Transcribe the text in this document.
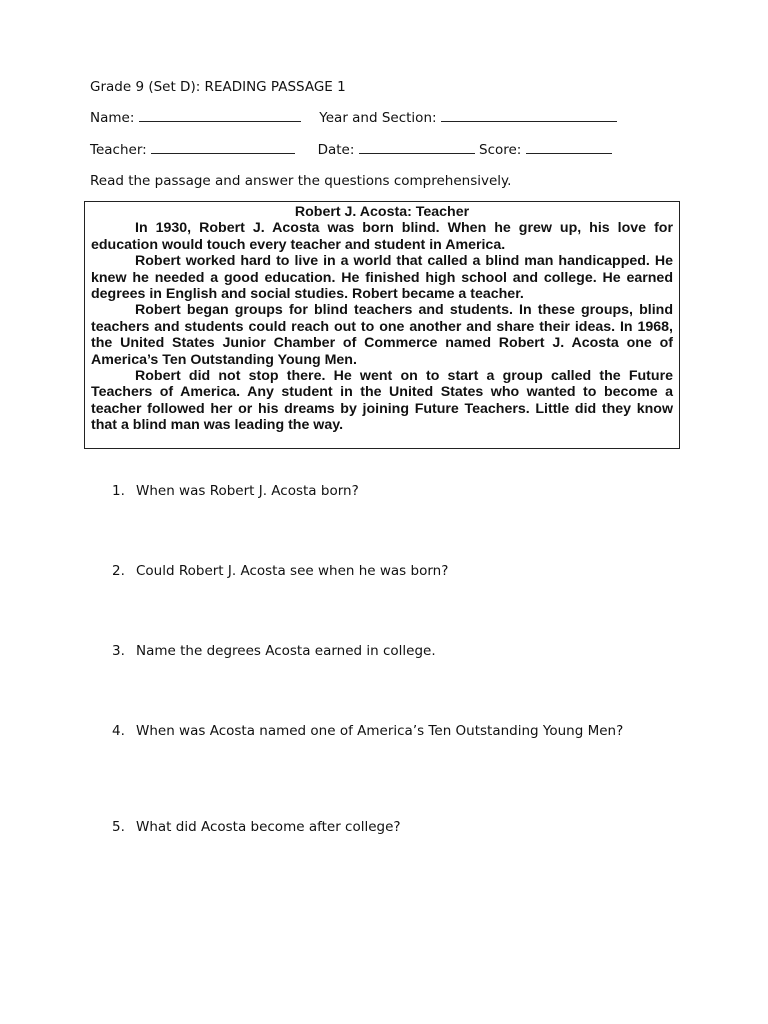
Grade 9 (Set D): READING PASSAGE 1
Name:	Year and Section:
Teacher:	Date:	Score:
Read the passage and answer the questions comprehensively.
Robert J. Acosta: Teacher

In 1930, Robert J. Acosta was born blind. When he grew up, his love for education would touch every teacher and student in America.

Robert worked hard to live in a world that called a blind man handicapped. He knew he needed a good education. He finished high school and college. He earned degrees in English and social studies. Robert became a teacher.

Robert began groups for blind teachers and students. In these groups, blind teachers and students could reach out to one another and share their ideas. In 1968, the United States Junior Chamber of Commerce named Robert J. Acosta one of America’s Ten Outstanding Young Men.

Robert did not stop there. He went on to start a group called the Future Teachers of America. Any student in the United States who wanted to become a teacher followed her or his dreams by joining Future Teachers. Little did they know that a blind man was leading the way.

1. When was Robert J. Acosta born?
2. Could Robert J. Acosta see when he was born?
3. Name the degrees Acosta earned in college.
4. When was Acosta named one of America’s Ten Outstanding Young Men?
5. What did Acosta become after college?
